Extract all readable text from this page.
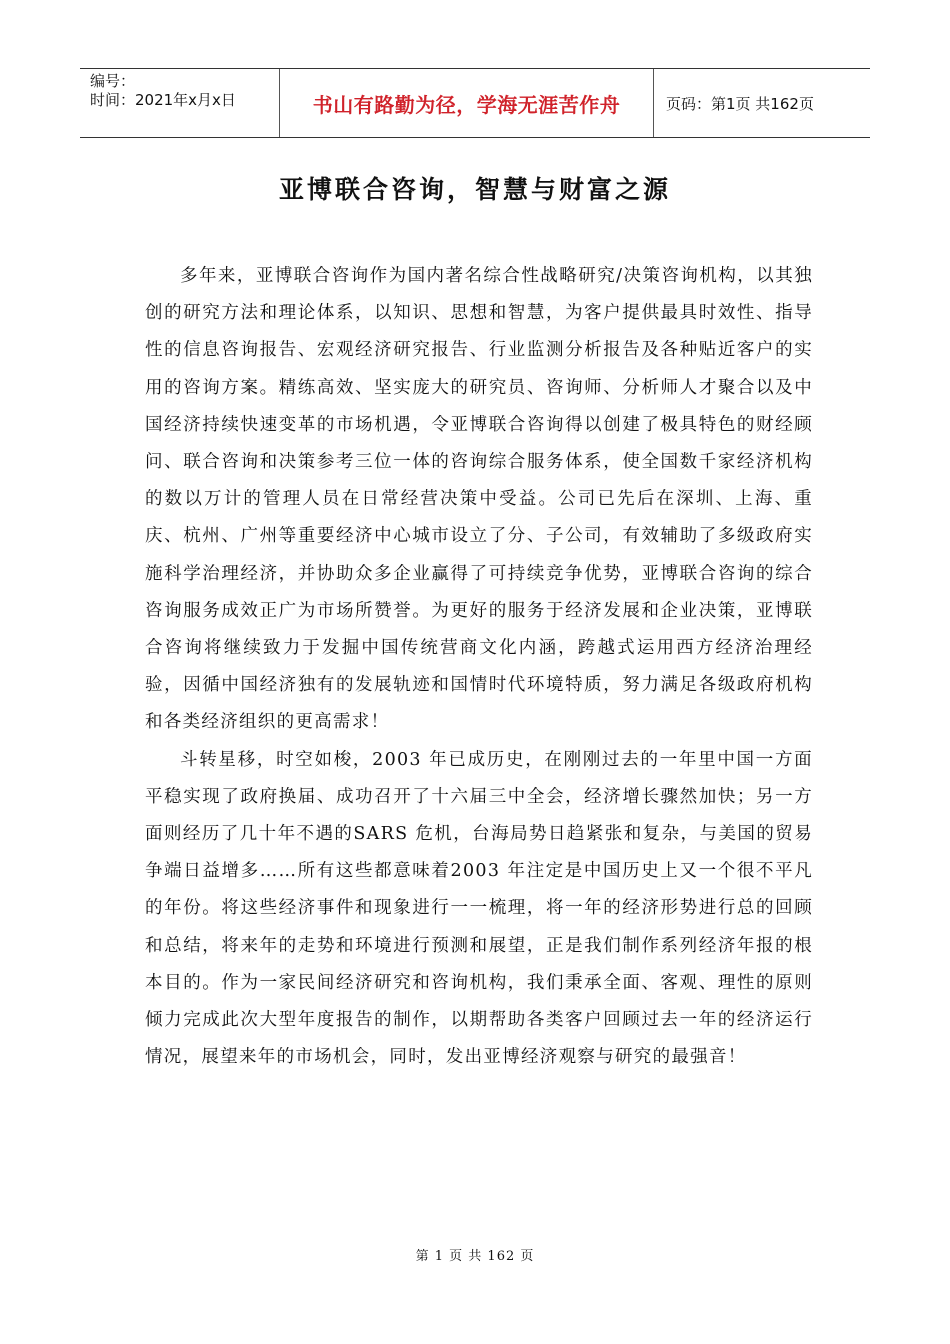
编号：
时间：2021年x月x日	书山有路勤为径，学海无涯苦作舟	页码：第1页 共162页
亚博联合咨询，智慧与财富之源

多年来，亚博联合咨询作为国内著名综合性战略研究/决策咨询机构，以其独创的研究方法和理论体系，以知识、思想和智慧，为客户提供最具时效性、指导性的信息咨询报告、宏观经济研究报告、行业监测分析报告及各种贴近客户的实用的咨询方案。精练高效、坚实庞大的研究员、咨询师、分析师人才聚合以及中国经济持续快速变革的市场机遇，令亚博联合咨询得以创建了极具特色的财经顾问、联合咨询和决策参考三位一体的咨询综合服务体系，使全国数千家经济机构的数以万计的管理人员在日常经营决策中受益。公司已先后在深圳、上海、重庆、杭州、广州等重要经济中心城市设立了分、子公司，有效辅助了多级政府实施科学治理经济，并协助众多企业赢得了可持续竞争优势，亚博联合咨询的综合咨询服务成效正广为市场所赞誉。为更好的服务于经济发展和企业决策，亚博联合咨询将继续致力于发掘中国传统营商文化内涵，跨越式运用西方经济治理经验，因循中国经济独有的发展轨迹和国情时代环境特质，努力满足各级政府机构和各类经济组织的更高需求！

斗转星移，时空如梭，2003 年已成历史，在刚刚过去的一年里中国一方面平稳实现了政府换届、成功召开了十六届三中全会，经济增长骤然加快；另一方面则经历了几十年不遇的SARS 危机，台海局势日趋紧张和复杂，与美国的贸易争端日益增多……所有这些都意味着2003 年注定是中国历史上又一个很不平凡的年份。将这些经济事件和现象进行一一梳理，将一年的经济形势进行总的回顾和总结，将来年的走势和环境进行预测和展望，正是我们制作系列经济年报的根本目的。作为一家民间经济研究和咨询机构，我们秉承全面、客观、理性的原则倾力完成此次大型年度报告的制作，以期帮助各类客户回顾过去一年的经济运行情况，展望来年的市场机会，同时，发出亚博经济观察与研究的最强音！

第 1 页 共 162 页
